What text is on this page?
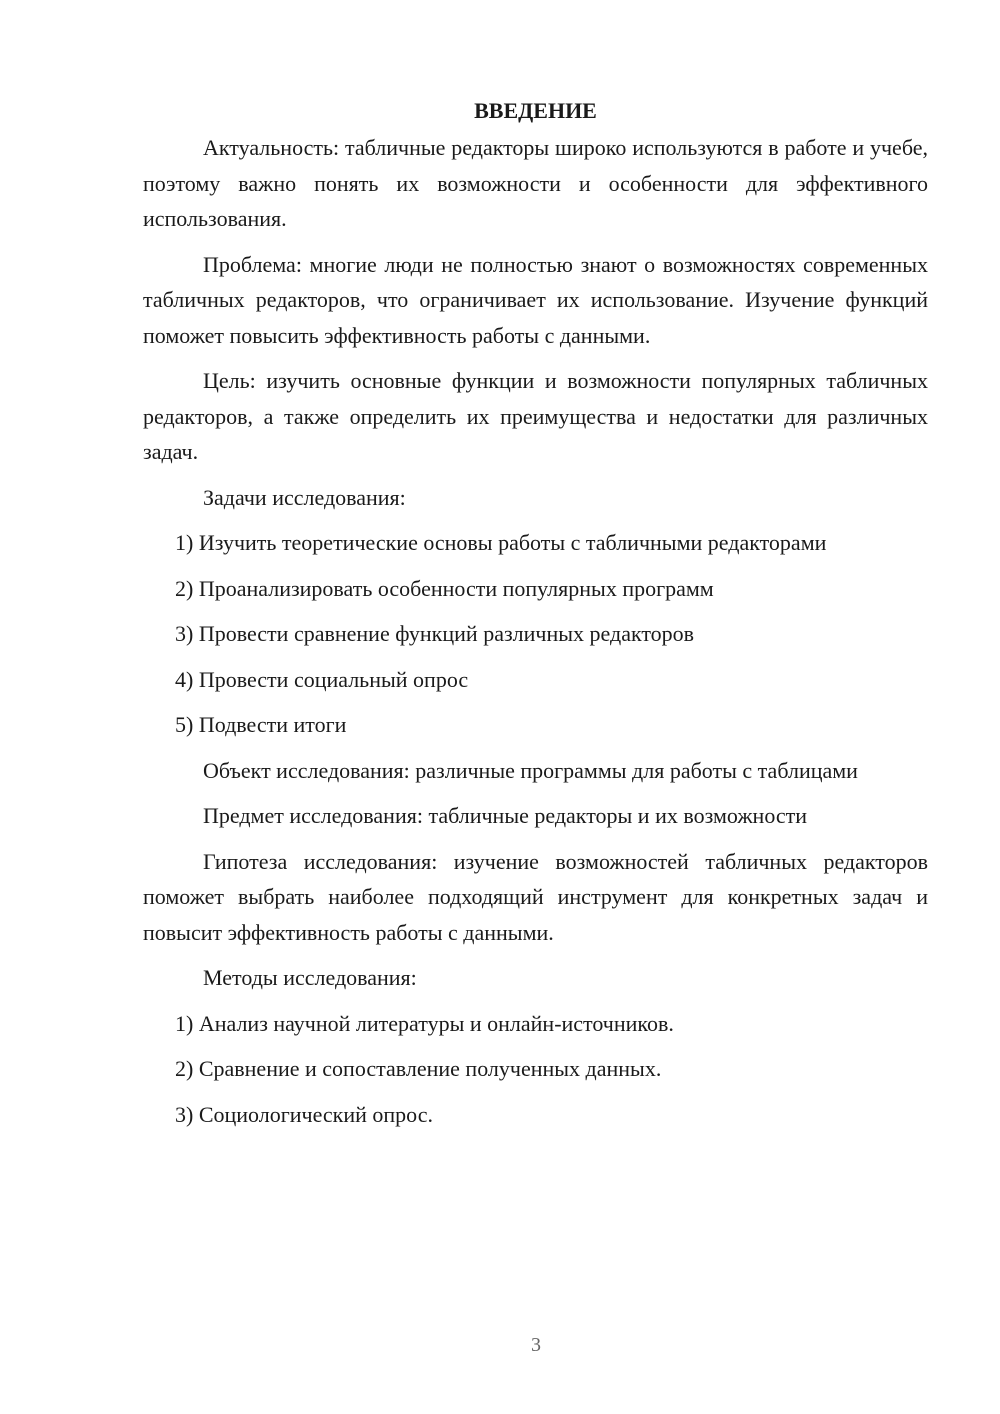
ВВЕДЕНИЕ

Актуальность: табличные редакторы широко используются в работе и учебе, поэтому важно понять их возможности и особенности для эффективного использования.

Проблема: многие люди не полностью знают о возможностях современных табличных редакторов, что ограничивает их использование. Изучение функций поможет повысить эффективность работы с данными.

Цель: изучить основные функции и возможности популярных табличных редакторов, а также определить их преимущества и недостатки для различных задач.

Задачи исследования:

1) Изучить теоретические основы работы с табличными редакторами

2) Проанализировать особенности популярных программ

3) Провести сравнение функций различных редакторов

4) Провести социальный опрос

5) Подвести итоги

Объект исследования: различные программы для работы с таблицами

Предмет исследования: табличные редакторы и их возможности

Гипотеза исследования: изучение возможностей табличных редакторов поможет выбрать наиболее подходящий инструмент для конкретных задач и повысит эффективность работы с данными.

Методы исследования:

1) Анализ научной литературы и онлайн-источников.

2) Сравнение и сопоставление полученных данных.

3) Социологический опрос.

3
